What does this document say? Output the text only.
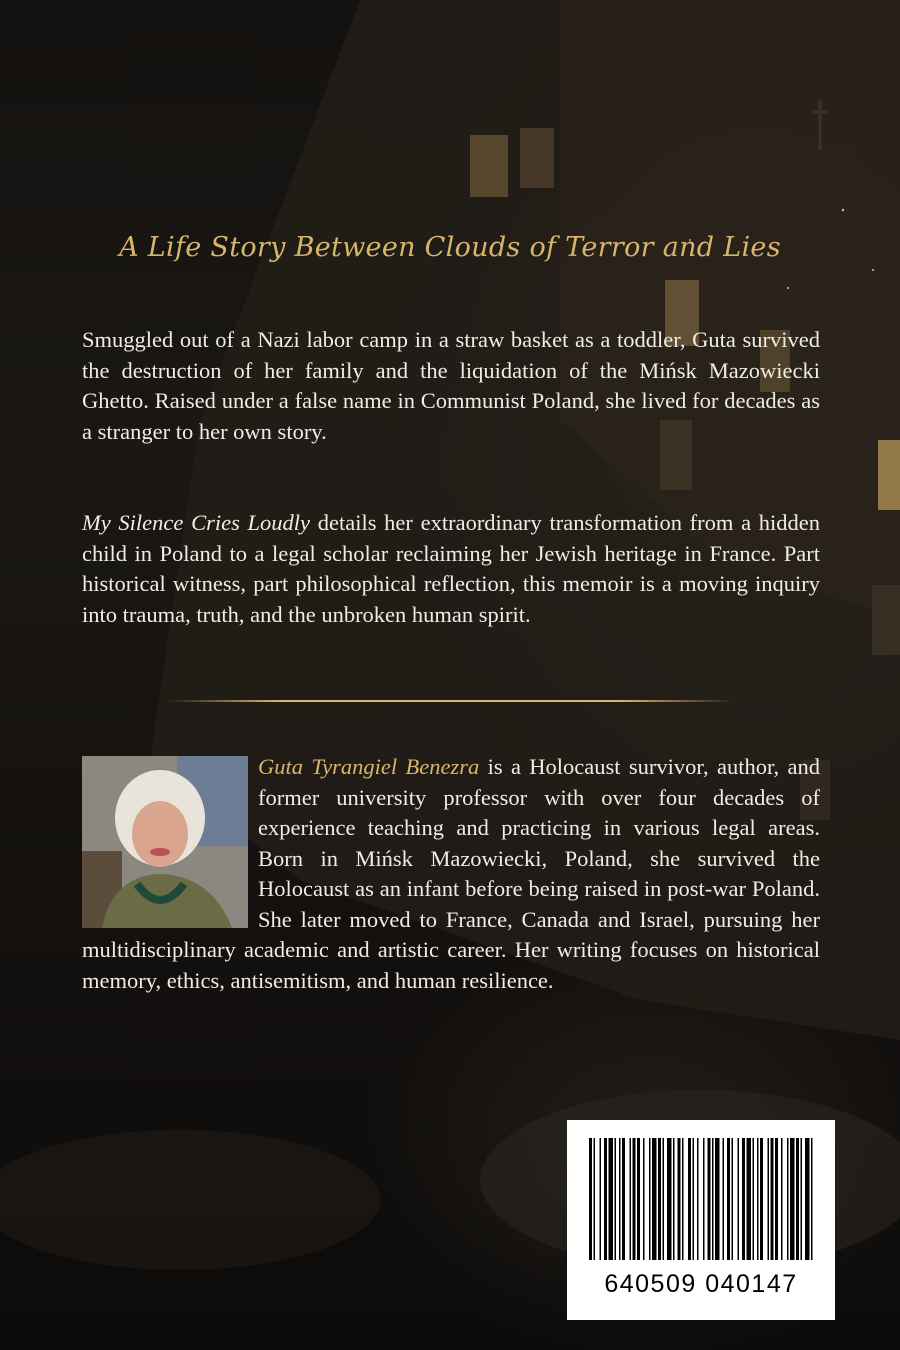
A Life Story Between Clouds of Terror and Lies

Smuggled out of a Nazi labor camp in a straw basket as a toddler, Guta survived the destruction of her family and the liquidation of the Mińsk Mazowiecki Ghetto. Raised under a false name in Communist Poland, she lived for decades as a stranger to her own story.

My Silence Cries Loudly details her extraordinary transformation from a hidden child in Poland to a legal scholar reclaiming her Jewish heritage in France. Part historical witness, part philosophical reflection, this memoir is a moving inquiry into trauma, truth, and the unbroken human spirit.

Guta Tyrangiel Benezra is a Holocaust survivor, author, and former university professor with over four decades of experience teaching and practicing in various legal areas. Born in Mińsk Mazowiecki, Poland, she survived the Holocaust as an infant before being raised in post-war Poland. She later moved to France, Canada and Israel, pursuing her multidisciplinary academic and artistic career. Her writing focuses on historical memory, ethics, antisemitism, and human resilience.
640509 040147
